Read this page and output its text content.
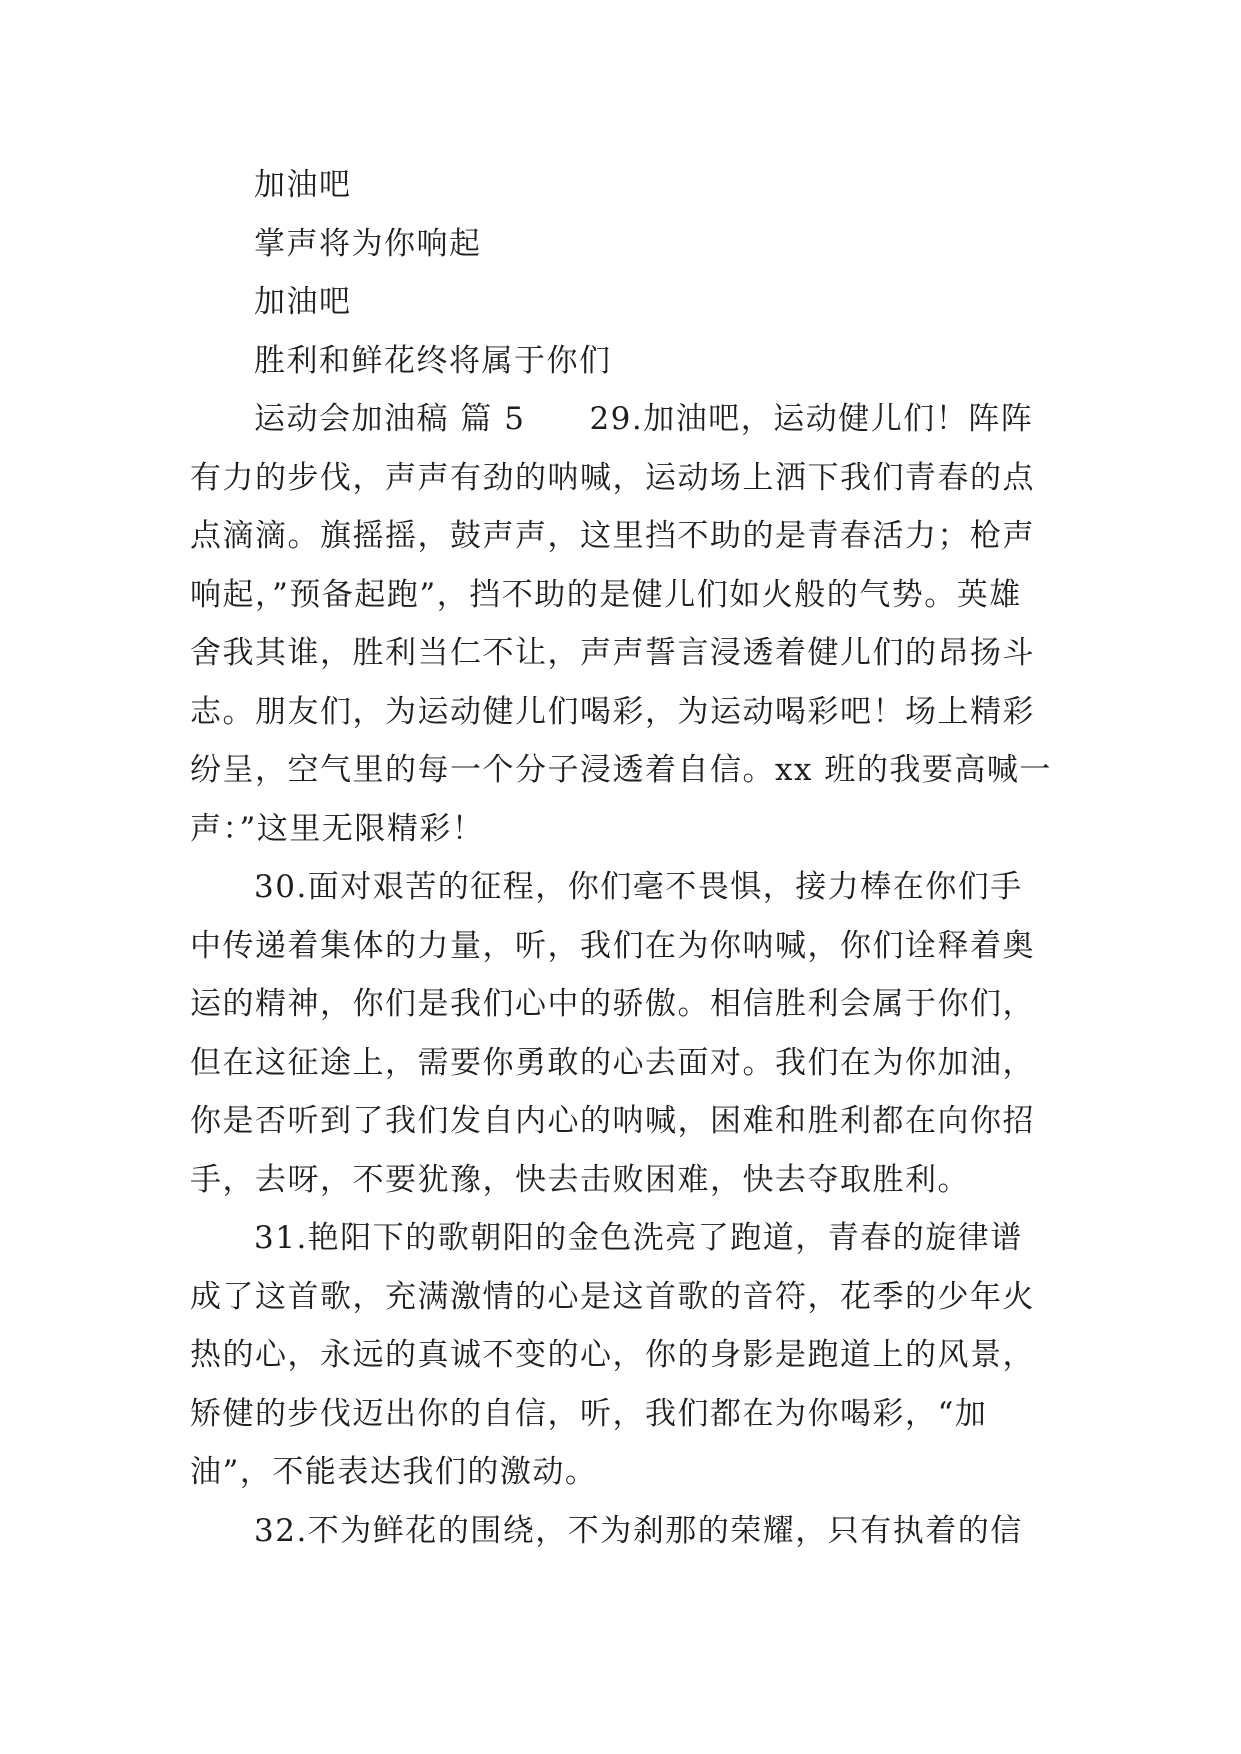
加油吧
掌声将为你响起
加油吧
胜利和鲜花终将属于你们
运动会加油稿 篇 5 29.加油吧，运动健儿们！阵阵
有力的步伐，声声有劲的呐喊，运动场上洒下我们青春的点
点滴滴。旗摇摇，鼓声声，这里挡不助的是青春活力；枪声
响起，”预备起跑”，挡不助的是健儿们如火般的气势。英雄
舍我其谁，胜利当仁不让，声声誓言浸透着健儿们的昂扬斗
志。朋友们，为运动健儿们喝彩，为运动喝彩吧！场上精彩
纷呈，空气里的每一个分子浸透着自信。xx 班的我要高喊一
声：”这里无限精彩！
30.面对艰苦的征程，你们毫不畏惧，接力棒在你们手
中传递着集体的力量，听，我们在为你呐喊，你们诠释着奥
运的精神，你们是我们心中的骄傲。相信胜利会属于你们，
但在这征途上，需要你勇敢的心去面对。我们在为你加油，
你是否听到了我们发自内心的呐喊，困难和胜利都在向你招
手，去呀，不要犹豫，快去击败困难，快去夺取胜利。
31.艳阳下的歌朝阳的金色洗亮了跑道，青春的旋律谱
成了这首歌，充满激情的心是这首歌的音符，花季的少年火
热的心，永远的真诚不变的心，你的身影是跑道上的风景，
矫健的步伐迈出你的自信，听，我们都在为你喝彩，“加
油”，不能表达我们的激动。
32.不为鲜花的围绕，不为刹那的荣耀，只有执着的信
